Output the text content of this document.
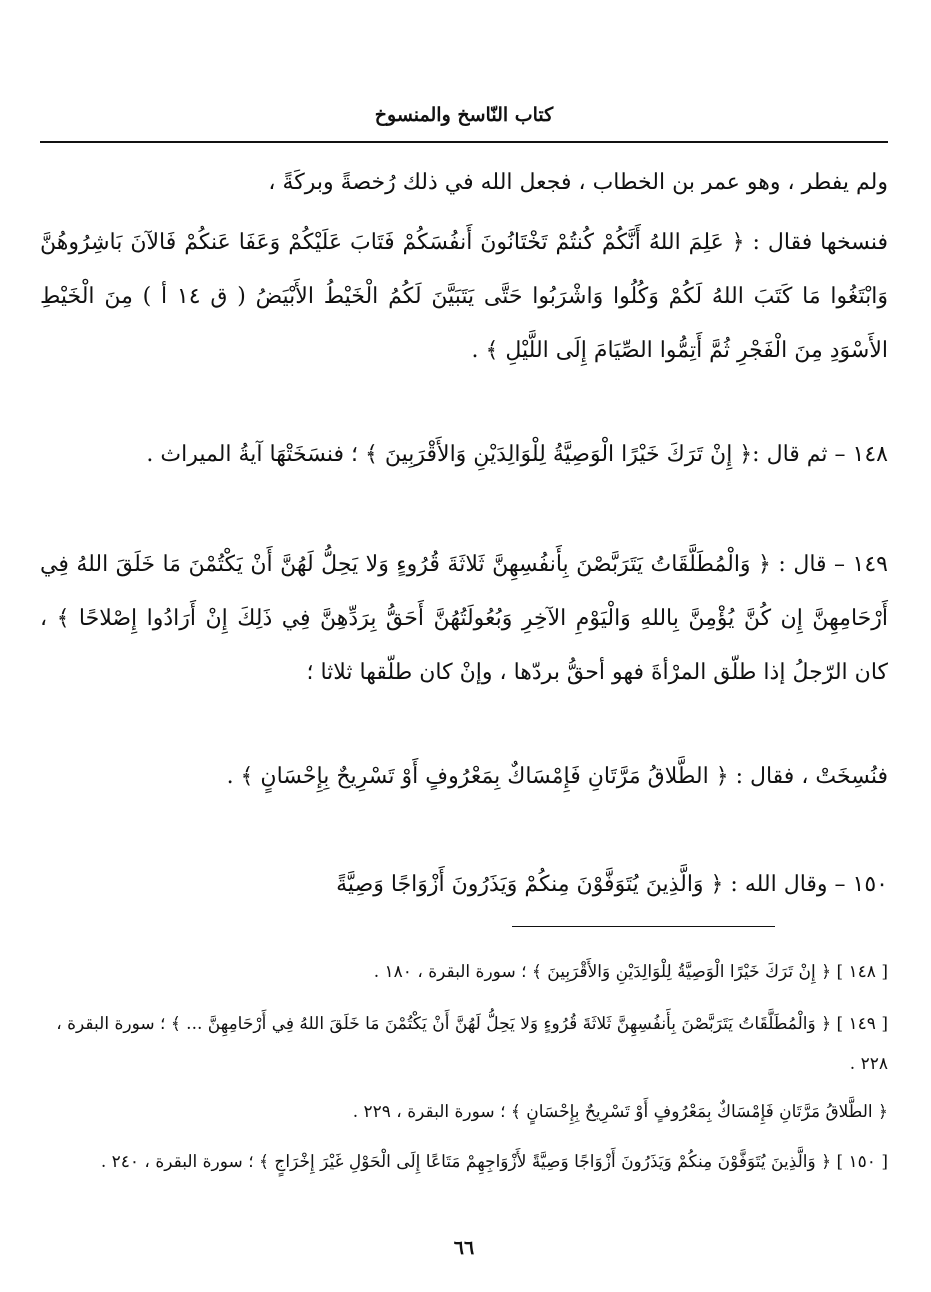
كتاب النّاسخ والمنسوخ

ولم يفطر ، وهو عمر بن الخطاب ، فجعل الله في ذلك رُخصةً وبركَةً ،

فنسخها فقال : ﴿ عَلِمَ اللهُ أَنَّكُمْ كُنتُمْ تَخْتَانُونَ أَنفُسَكُمْ فَتَابَ عَلَيْكُمْ وَعَفَا عَنكُمْ فَالآنَ بَاشِرُوهُنَّ وَابْتَغُوا مَا كَتَبَ اللهُ لَكُمْ وَكُلُوا وَاشْرَبُوا حَتَّى يَتَبَيَّنَ لَكُمُ الْخَيْطُ الأَبْيَضُ ( ق ١٤ أ ) مِنَ الْخَيْطِ الأَسْوَدِ مِنَ الْفَجْرِ ثُمَّ أَتِمُّوا الصِّيَامَ إِلَى اللَّيْلِ ﴾ .

١٤٨ – ثم قال :﴿ إِنْ تَرَكَ خَيْرًا الْوَصِيَّةُ لِلْوَالِدَيْنِ وَالأَقْرَبِينَ ﴾ ؛ فنسَخَتْهَا آيةُ الميراث .

١٤٩ – قال : ﴿ وَالْمُطَلَّقَاتُ يَتَرَبَّصْنَ بِأَنفُسِهِنَّ ثَلاثَةَ قُرُوءٍ وَلا يَحِلُّ لَهُنَّ أَنْ يَكْتُمْنَ مَا خَلَقَ اللهُ فِي أَرْحَامِهِنَّ إِن كُنَّ يُؤْمِنَّ بِاللهِ وَالْيَوْمِ الآخِرِ وَبُعُولَتُهُنَّ أَحَقُّ بِرَدِّهِنَّ فِي ذَلِكَ إِنْ أَرَادُوا إِصْلاحًا ﴾ ، كان الرّجلُ إذا طلّق المرْأةَ فهو أحقُّ بردّها ، وإنْ كان طلّقها ثلاثا ؛

فنُسِخَتْ ، فقال : ﴿ الطَّلاقُ مَرَّتَانِ فَإِمْسَاكٌ بِمَعْرُوفٍ أَوْ تَسْرِيحٌ بِإِحْسَانٍ ﴾ .

١٥٠ – وقال الله : ﴿ وَالَّذِينَ يُتَوَفَّوْنَ مِنكُمْ وَيَذَرُونَ أَزْوَاجًا وَصِيَّةً

[ ١٤٨ ] ﴿ إِنْ تَرَكَ خَيْرًا الْوَصِيَّةُ لِلْوَالِدَيْنِ وَالأَقْرَبِينَ ﴾ ؛ سورة البقرة ، ١٨٠ .

[ ١٤٩ ] ﴿ وَالْمُطَلَّقَاتُ يَتَرَبَّصْنَ بِأَنفُسِهِنَّ ثَلاثَةَ قُرُوءٍ وَلا يَحِلُّ لَهُنَّ أَنْ يَكْتُمْنَ مَا خَلَقَ اللهُ فِي أَرْحَامِهِنَّ ... ﴾ ؛ سورة البقرة ، ٢٢٨ .

﴿ الطَّلاقُ مَرَّتَانِ فَإِمْسَاكٌ بِمَعْرُوفٍ أَوْ تَسْرِيحٌ بِإِحْسَانٍ ﴾ ؛ سورة البقرة ، ٢٢٩ .

[ ١٥٠ ] ﴿ وَالَّذِينَ يُتَوَفَّوْنَ مِنكُمْ وَيَذَرُونَ أَزْوَاجًا وَصِيَّةً لأَزْوَاجِهِمْ مَتَاعًا إِلَى الْحَوْلِ غَيْرَ إِخْرَاجٍ ﴾ ؛ سورة البقرة ، ٢٤٠ .

٦٦
